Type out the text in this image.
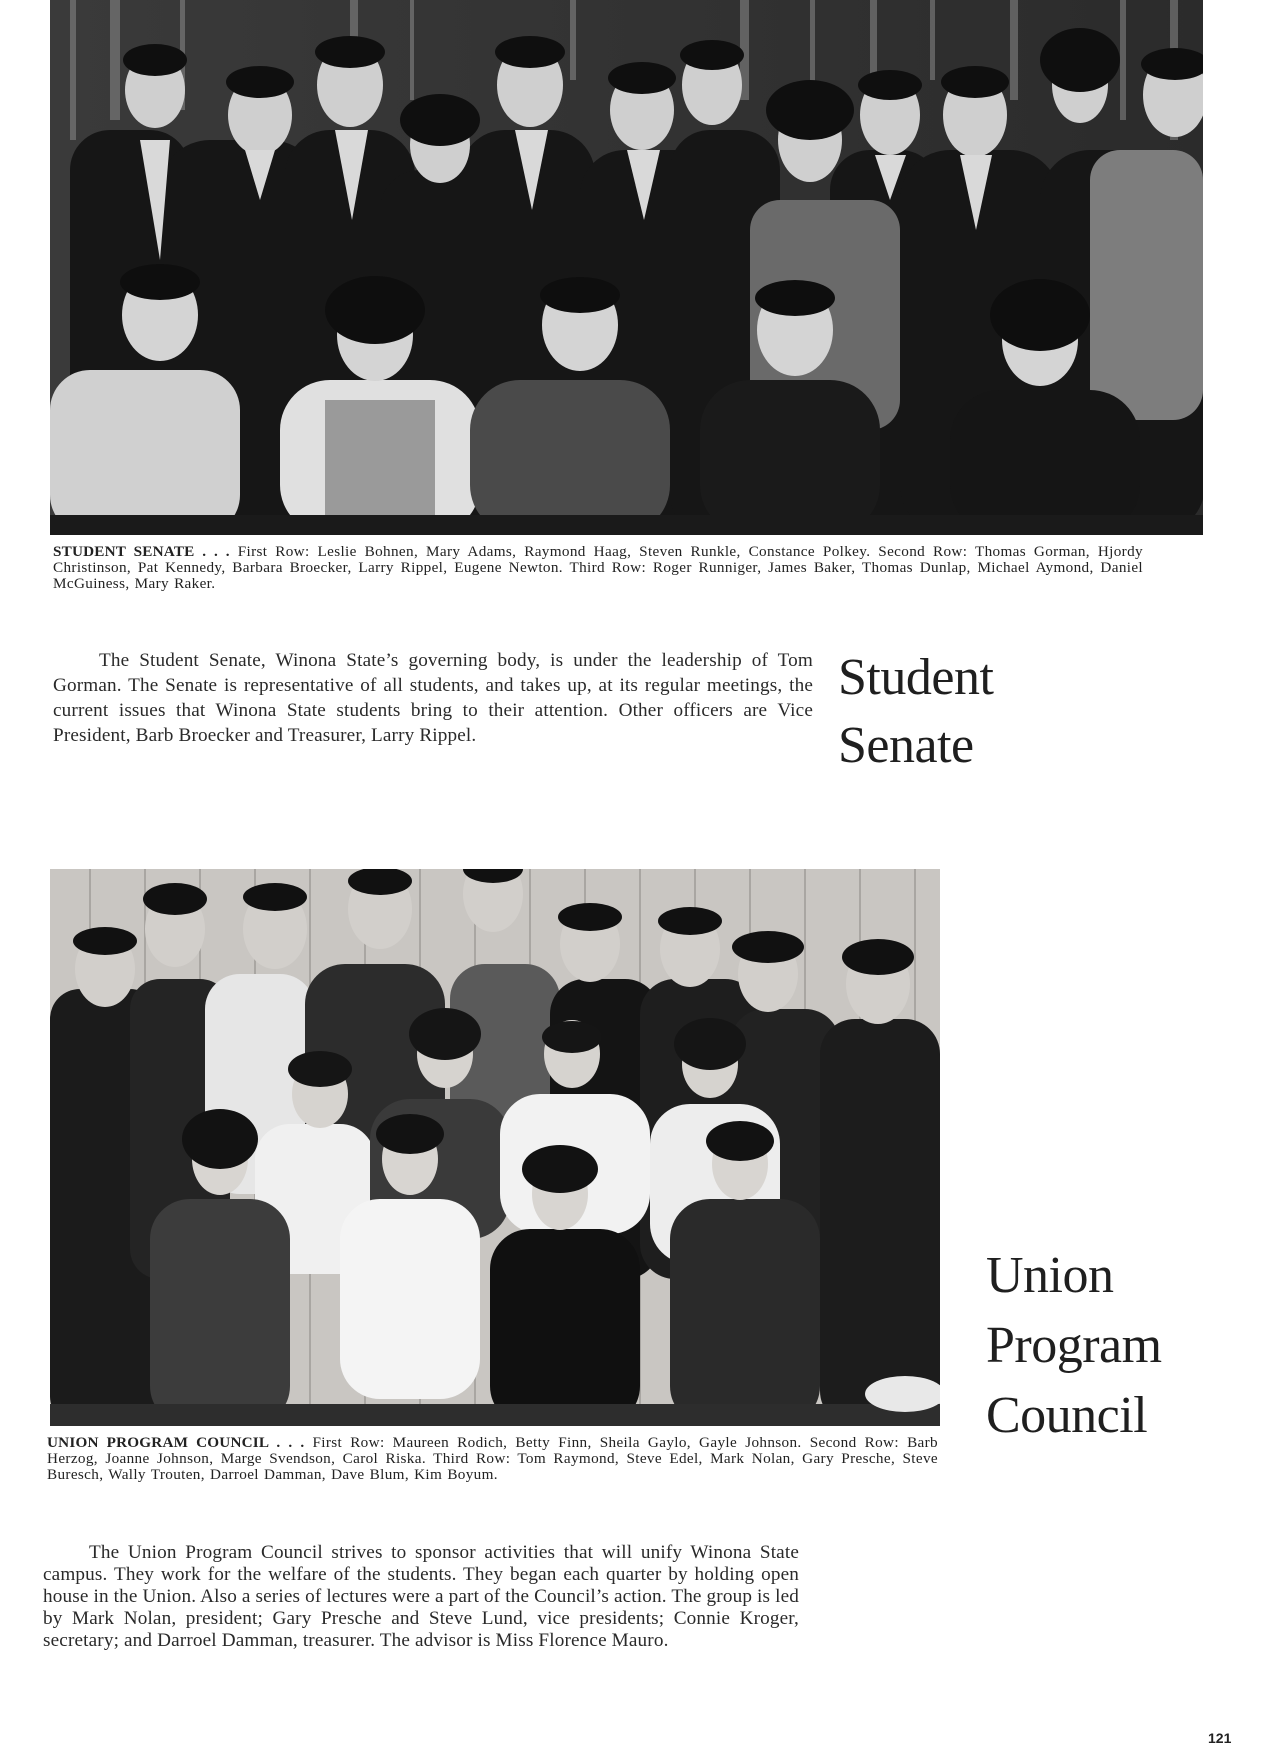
STUDENT SENATE . . . First Row: Leslie Bohnen, Mary Adams, Raymond Haag, Steven Runkle, Constance Polkey. Second Row: Thomas Gorman, Hjordy Christinson, Pat Kennedy, Barbara Broecker, Larry Rippel, Eugene Newton. Third Row: Roger Runniger, James Baker, Thomas Dunlap, Michael Aymond, Daniel McGuiness, Mary Raker.
The Student Senate, Winona State’s governing body, is under the leadership of Tom Gorman. The Senate is representative of all students, and takes up, at its regular meetings, the current issues that Winona State students bring to their attention. Other officers are Vice President, Barb Broecker and Treasurer, Larry Rippel.
Student
Senate
UNION PROGRAM COUNCIL . . . First Row: Maureen Rodich, Betty Finn, Sheila Gaylo, Gayle Johnson. Second Row: Barb Herzog, Joanne Johnson, Marge Svendson, Carol Riska. Third Row: Tom Raymond, Steve Edel, Mark Nolan, Gary Presche, Steve Buresch, Wally Trouten, Darroel Damman, Dave Blum, Kim Boyum.
Union
Program
Council
The Union Program Council strives to sponsor activities that will unify Winona State campus. They work for the welfare of the students. They began each quarter by holding open house in the Union. Also a series of lectures were a part of the Council’s action. The group is led by Mark Nolan, president; Gary Presche and Steve Lund, vice presidents; Connie Kroger, secretary; and Darroel Damman, treasurer. The advisor is Miss Florence Mauro.
121
